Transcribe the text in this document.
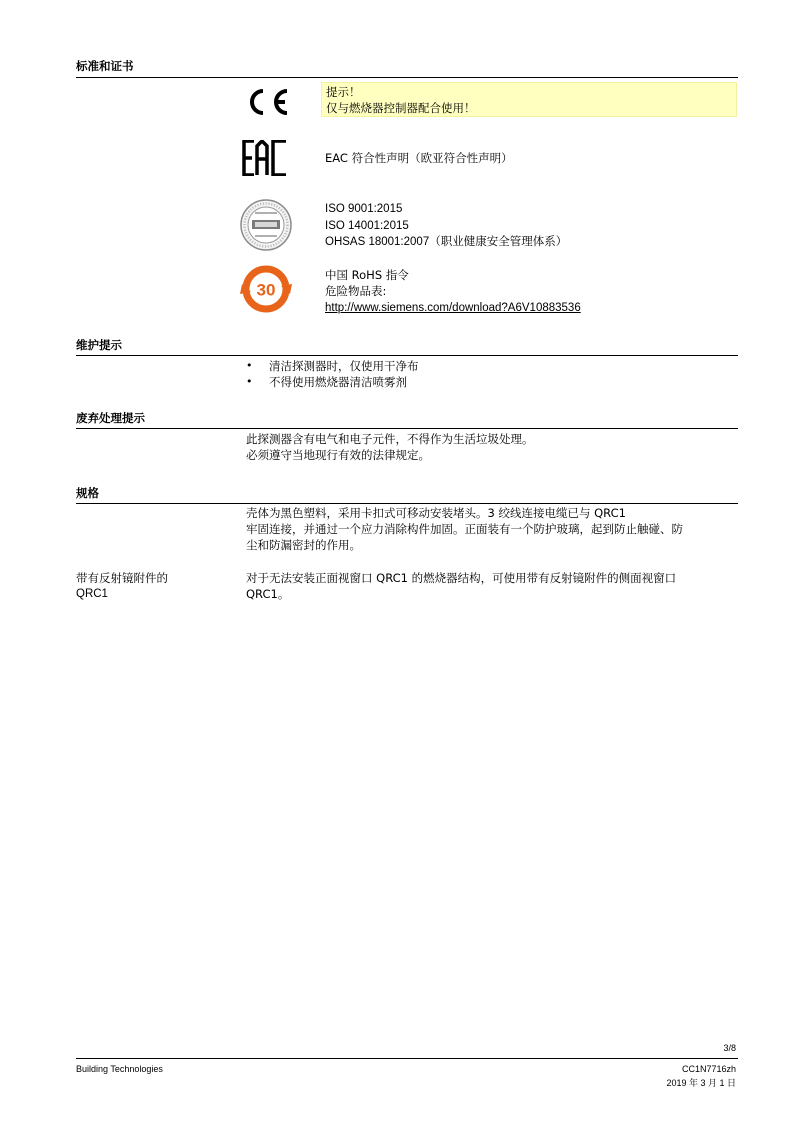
标准和证书
提示！
仅与燃烧器控制器配合使用！
EAC 符合性声明（欧亚符合性声明）
ISO 9001:2015
ISO 14001:2015
OHSAS 18001:2007（职业健康安全管理体系）
30
中国 RoHS 指令
危险物品表:
http://www.siemens.com/download?A6V10883536
维护提示
• 清洁探测器时，仅使用干净布
• 不得使用燃烧器清洁喷雾剂
废弃处理提示
此探测器含有电气和电子元件，不得作为生活垃圾处理。
必须遵守当地现行有效的法律规定。
规格
壳体为黑色塑料，采用卡扣式可移动安装堵头。3 绞线连接电缆已与 QRC1
牢固连接，并通过一个应力消除构件加固。正面装有一个防护玻璃，起到防止触碰、防
尘和防漏密封的作用。
带有反射镜附件的
QRC1
对于无法安装正面视窗口 QRC1 的燃烧器结构，可使用带有反射镜附件的侧面视窗口
QRC1。
3/8
Building Technologies	CC1N7716zh
2019 年 3 月 1 日
